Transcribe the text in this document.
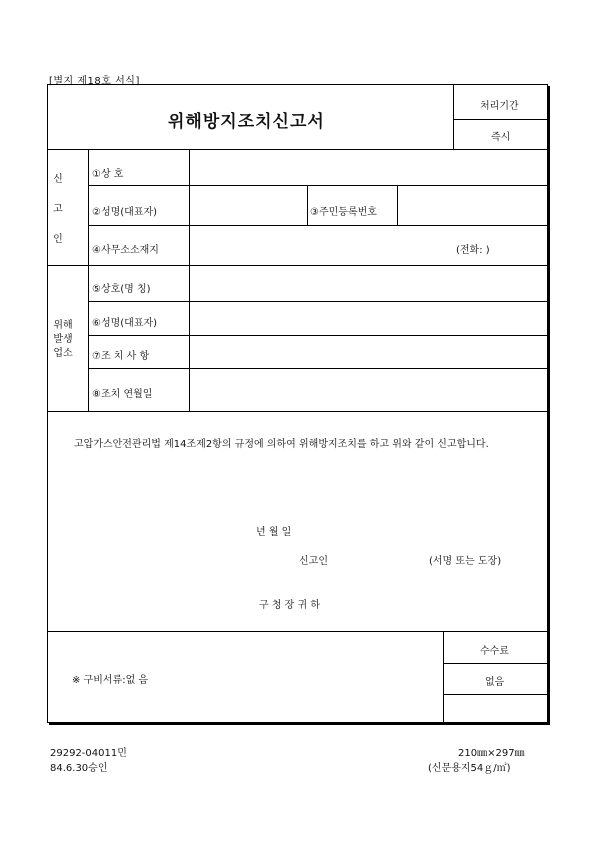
[별지 제18호 서식]
위해방지조치신고서
처리기간
즉시
신
고
인
①상 호
②성명(대표자)	③주민등록번호
④사무소소재지	(전화: )
위해
발생
업소
⑤상호(명 칭)
⑥성명(대표자)
⑦조 치 사 항
⑧조치 연월일
고압가스안전관리법 제14조제2항의 규정에 의하여 위해방지조치를 하고 위와 같이 신고합니다.
년 월 일
신고인	(서명 또는 도장)
구 청 장 귀 하
※ 구비서류:없 음
수수료
없음
29292-04011민
84.6.30승인
210㎜×297㎜
(신문용지54ｇ/㎡)
